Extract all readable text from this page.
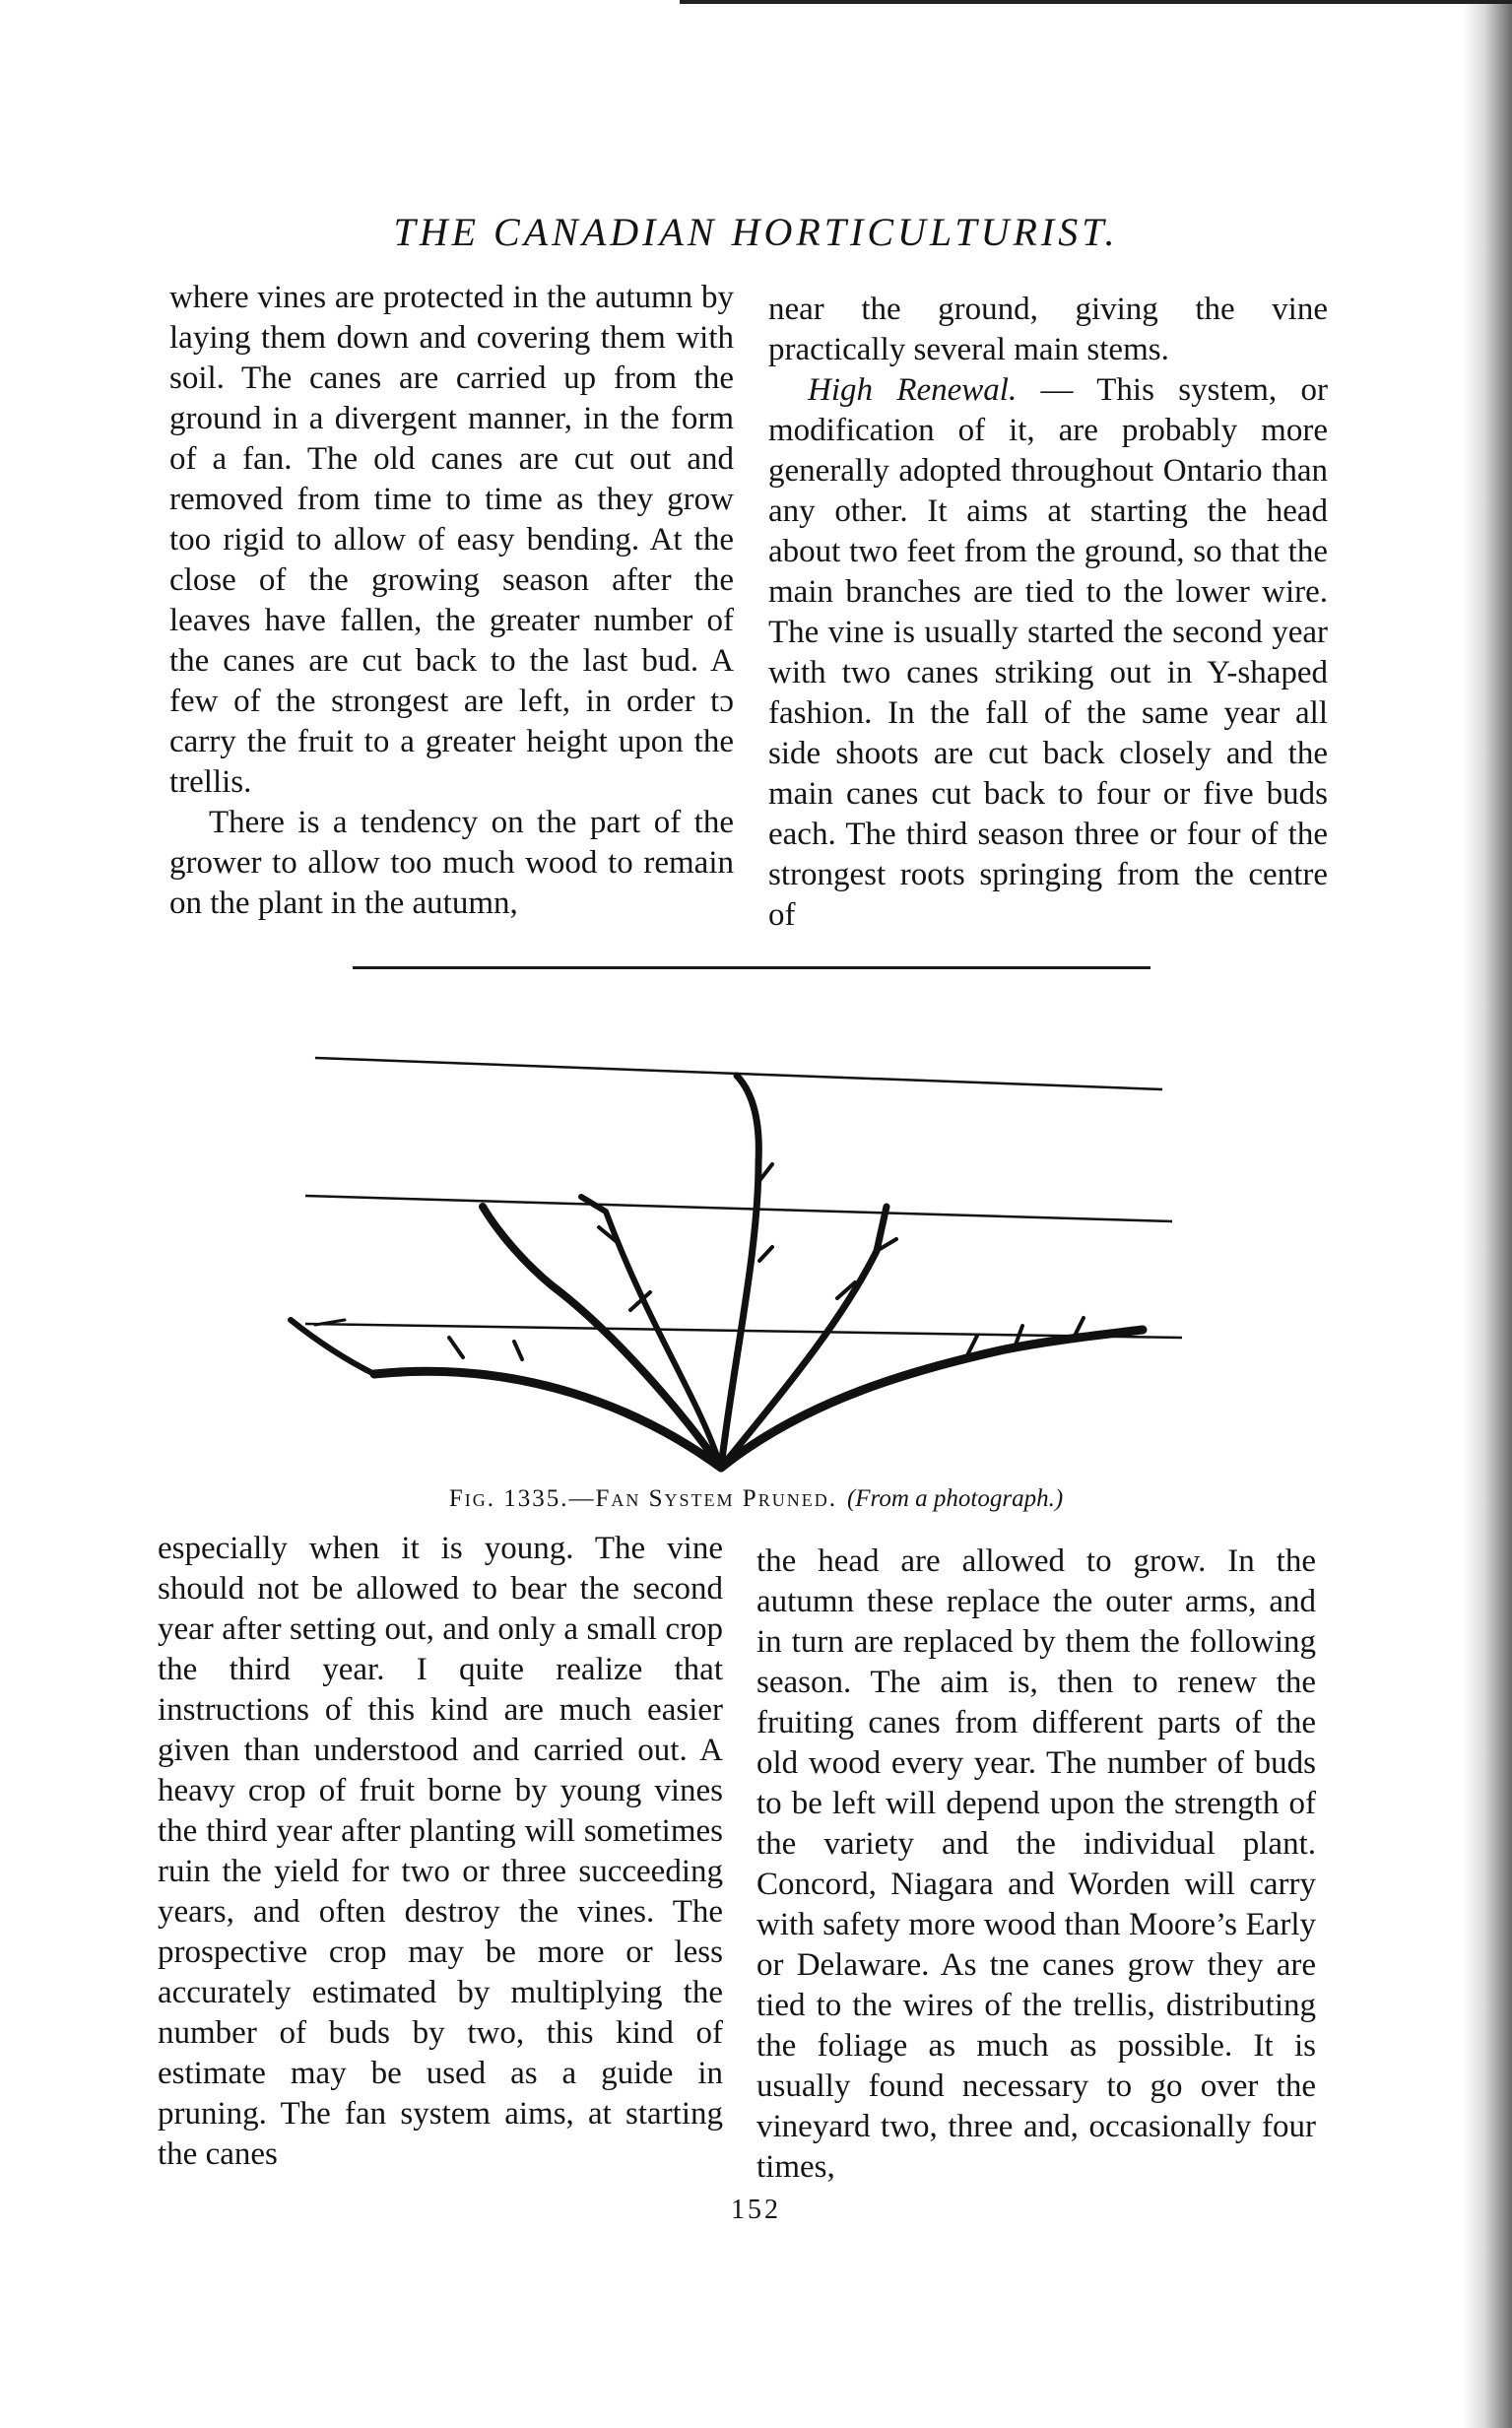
THE CANADIAN HORTICULTURIST.

where vines are protected in the autumn by laying them down and covering them with soil. The canes are carried up from the ground in a divergent manner, in the form of a fan. The old canes are cut out and removed from time to time as they grow too rigid to allow of easy bending. At the close of the growing season after the leaves have fallen, the greater number of the canes are cut back to the last bud. A few of the strongest are left, in order tɔ carry the fruit to a greater height upon the trellis.

There is a tendency on the part of the grower to allow too much wood to remain on the plant in the autumn,

near the ground, giving the vine practically several main stems.

High Renewal. — This system, or modification of it, are probably more generally adopted throughout Ontario than any other. It aims at starting the head about two feet from the ground, so that the main branches are tied to the lower wire. The vine is usually started the second year with two canes striking out in Y-shaped fashion. In the fall of the same year all side shoots are cut back closely and the main canes cut back to four or five buds each. The third season three or four of the strongest roots springing from the centre of

Fig. 1335.—Fan System Pruned. (From a photograph.)

especially when it is young. The vine should not be allowed to bear the second year after setting out, and only a small crop the third year. I quite realize that instructions of this kind are much easier given than understood and carried out. A heavy crop of fruit borne by young vines the third year after planting will sometimes ruin the yield for two or three succeeding years, and often destroy the vines. The prospective crop may be more or less accurately estimated by multiplying the number of buds by two, this kind of estimate may be used as a guide in pruning. The fan system aims, at starting the canes

the head are allowed to grow. In the autumn these replace the outer arms, and in turn are replaced by them the following season. The aim is, then to renew the fruiting canes from different parts of the old wood every year. The number of buds to be left will depend upon the strength of the variety and the individual plant. Concord, Niagara and Worden will carry with safety more wood than Moore’s Early or Delaware. As tne canes grow they are tied to the wires of the trellis, distributing the foliage as much as possible. It is usually found necessary to go over the vineyard two, three and, occasionally four times,

152
